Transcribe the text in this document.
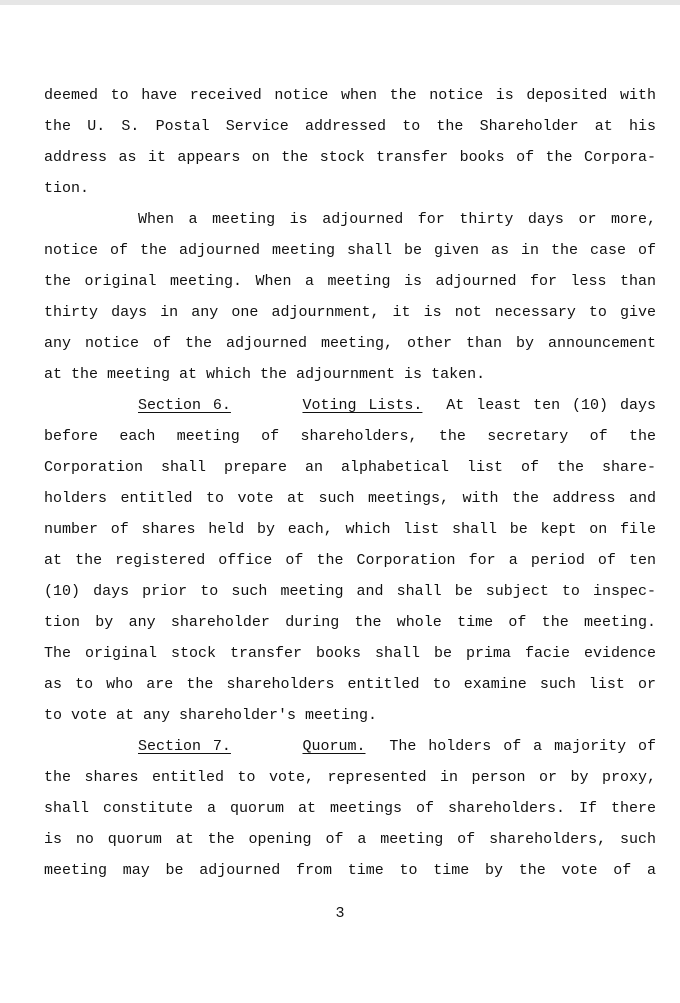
deemed to have received notice when the notice is deposited with
the U. S. Postal Service addressed to the Shareholder at his
address as it appears on the stock transfer books of the Corpora-
tion.
When a meeting is adjourned for thirty days or more,
notice of the adjourned meeting shall be given as in the case of
the original meeting. When a meeting is adjourned for less than
thirty days in any one adjournment, it is not necessary to give
any notice of the adjourned meeting, other than by announcement
at the meeting at which the adjournment is taken.
Section 6.	Voting Lists. At least ten (10) days
before each meeting of shareholders, the secretary of the
Corporation shall prepare an alphabetical list of the share-
holders entitled to vote at such meetings, with the address and
number of shares held by each, which list shall be kept on file
at the registered office of the Corporation for a period of ten
(10) days prior to such meeting and shall be subject to inspec-
tion by any shareholder during the whole time of the meeting.
The original stock transfer books shall be prima facie evidence
as to who are the shareholders entitled to examine such list or
to vote at any shareholder's meeting.
Section 7.	Quorum. The holders of a majority of
the shares entitled to vote, represented in person or by proxy,
shall constitute a quorum at meetings of shareholders. If there
is no quorum at the opening of a meeting of shareholders, such
meeting may be adjourned from time to time by the vote of a
3
